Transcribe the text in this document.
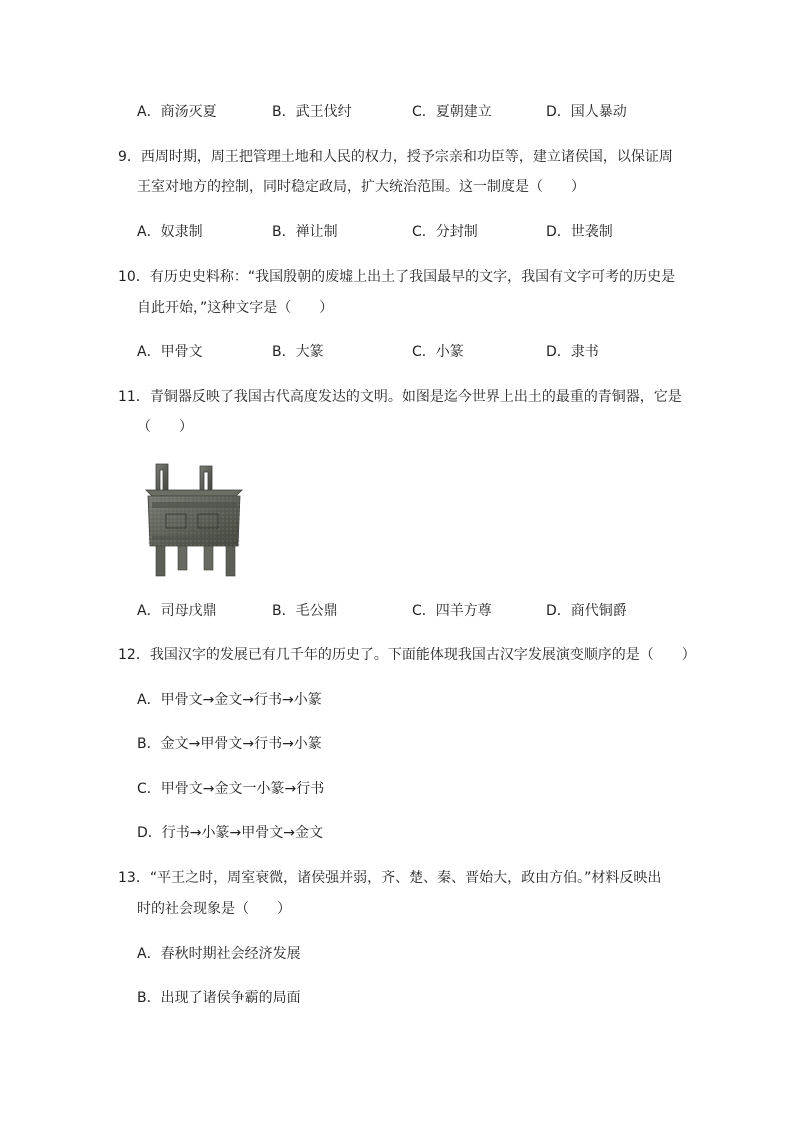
A．商汤灭夏	B．武王伐纣	C．夏朝建立	D．国人暴动
9．西周时期，周王把管理土地和人民的权力，授予宗亲和功臣等，建立诸侯国，以保证周
王室对地方的控制，同时稳定政局，扩大统治范围。这一制度是（　　）
A．奴隶制	B．禅让制	C．分封制	D．世袭制
10．有历史史料称：“我国殷朝的废墟上出土了我国最早的文字，我国有文字可考的历史是
自此开始，”这种文字是（　　）
A．甲骨文	B．大篆	C．小篆	D．隶书
11．青铜器反映了我国古代高度发达的文明。如图是迄今世界上出土的最重的青铜器，它是
（　　）
A．司母戊鼎	B．毛公鼎	C．四羊方尊	D．商代铜爵
12．我国汉字的发展已有几千年的历史了。下面能体现我国古汉字发展演变顺序的是（　　）
A．甲骨文→金文→行书→小篆
B．金文→甲骨文→行书→小篆
C．甲骨文→金文一小篆→行书
D．行书→小篆→甲骨文→金文
13．“平王之时，周室衰微，诸侯强并弱，齐、楚、秦、晋始大，政由方伯。”材料反映出
时的社会现象是（　　）
A．春秋时期社会经济发展
B．出现了诸侯争霸的局面
